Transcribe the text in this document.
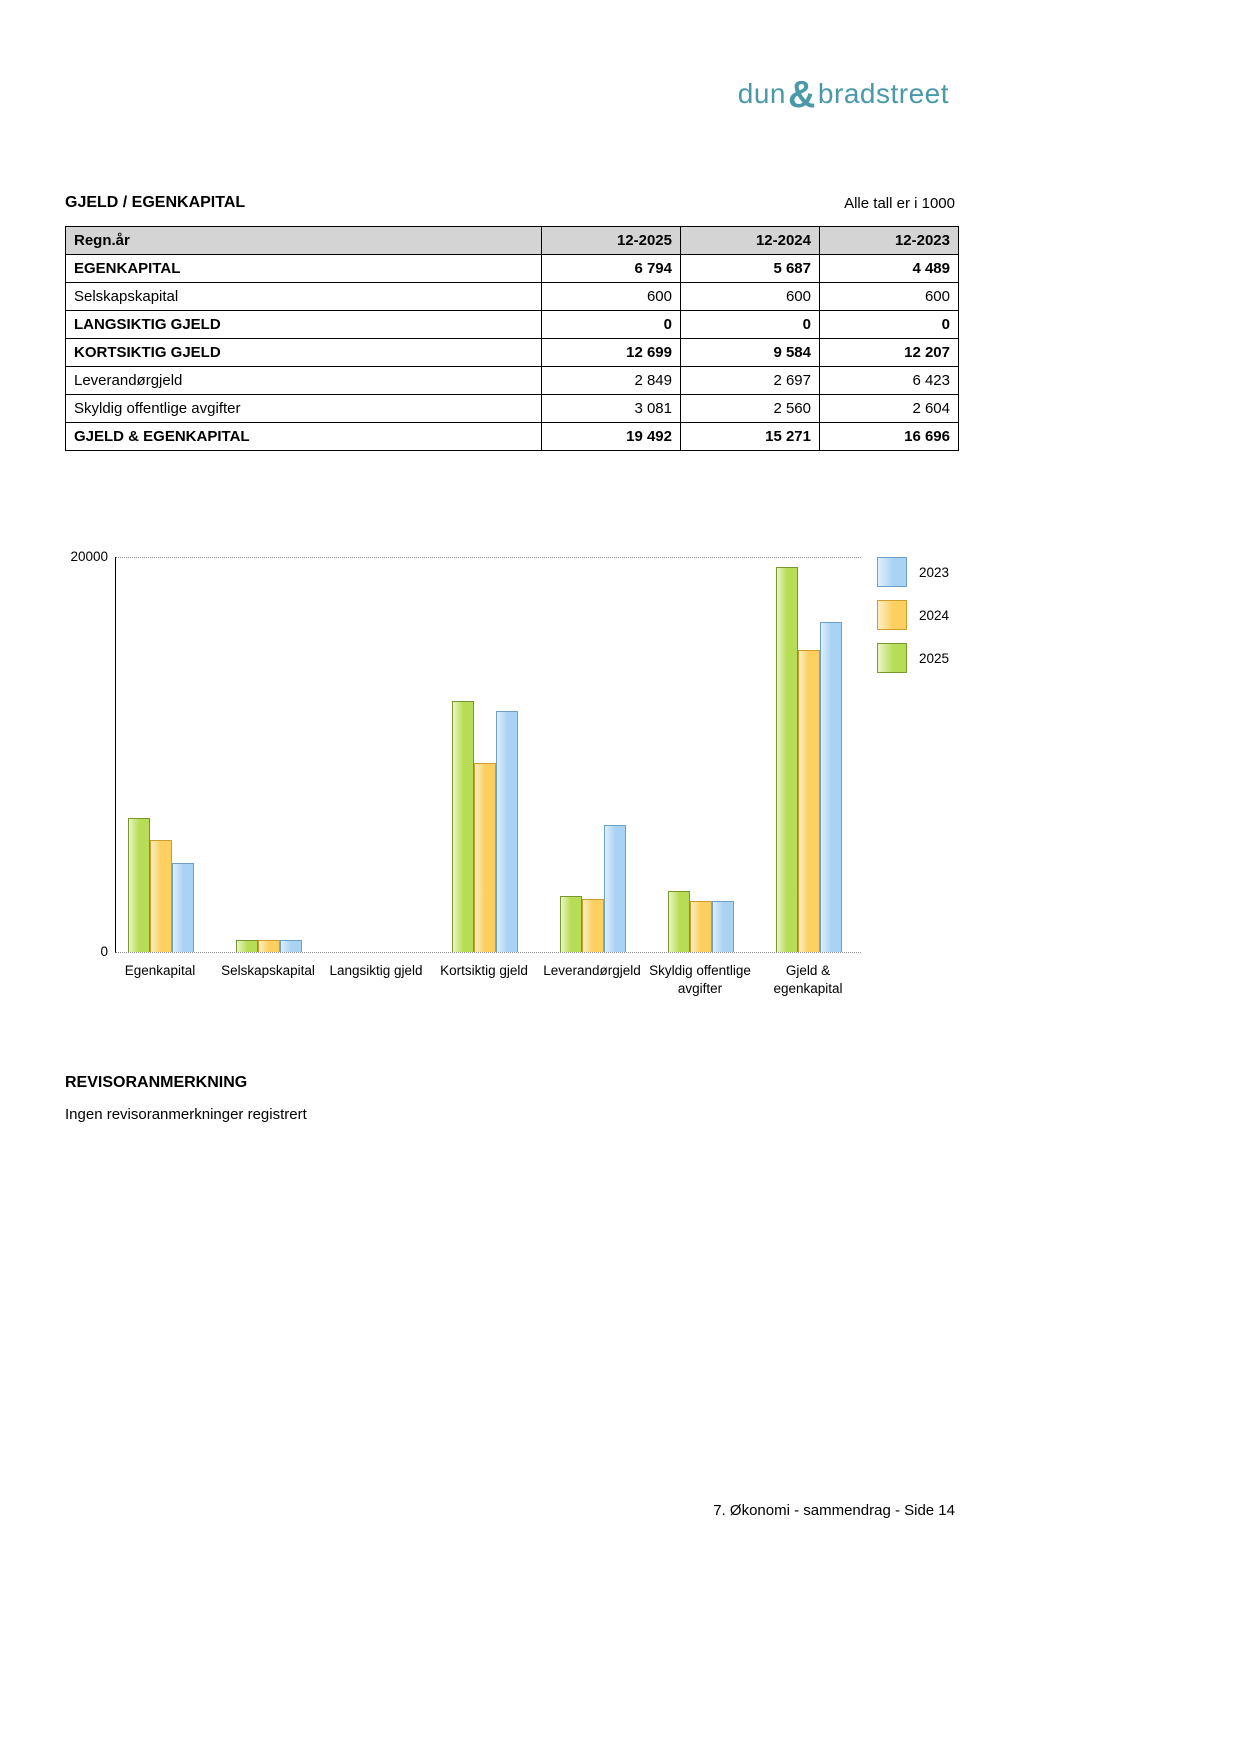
dun&bradstreet
GJELD / EGENKAPITAL	Alle tall er i 1000
Regn.år	12-2025	12-2024	12-2023
EGENKAPITAL	6 794	5 687	4 489
Selskapskapital	600	600	600
LANGSIKTIG GJELD	0	0	0
KORTSIKTIG GJELD	12 699	9 584	12 207
Leverandørgjeld	2 849	2 697	6 423
Skyldig offentlige avgifter	3 081	2 560	2 604
GJELD & EGENKAPITAL	19 492	15 271	16 696
20000
0
2023
2024
2025
REVISORANMERKNING
Ingen revisoranmerkninger registrert
7. Økonomi - sammendrag - Side 14
Egenkapital	Selskapskapital	Langsiktig gjeld	Kortsiktig gjeld	Leverandørgjeld Skyldig offentlige
avgifter
Gjeld &
egenkapital
